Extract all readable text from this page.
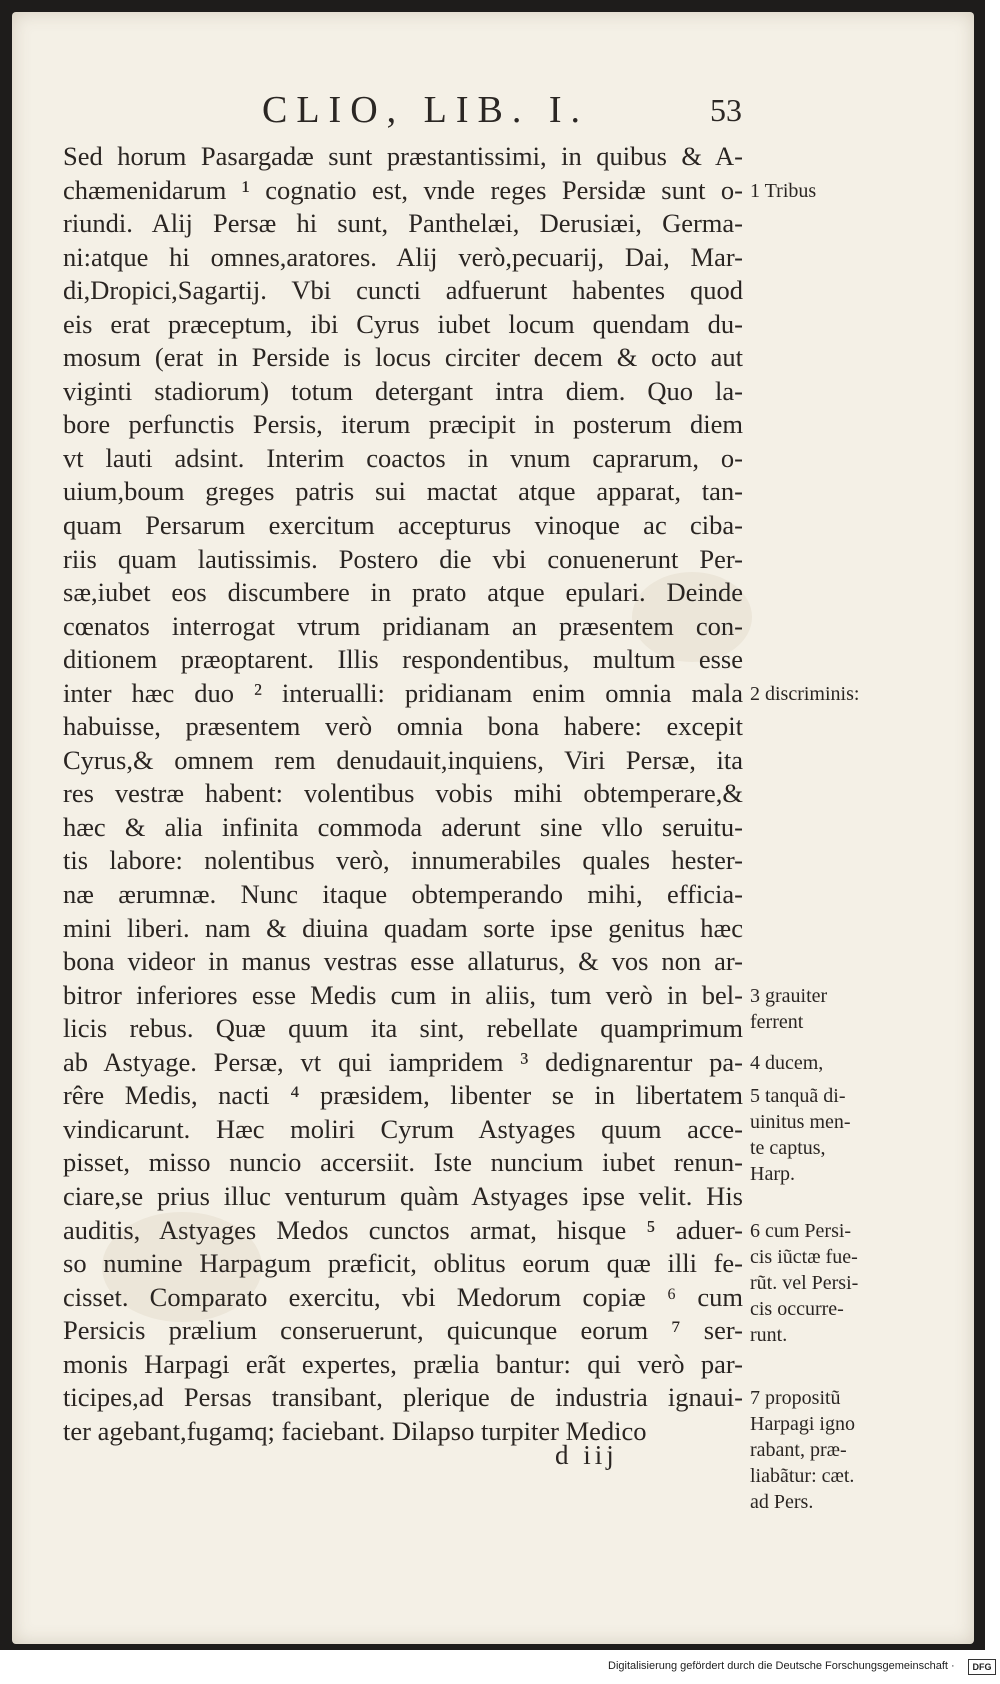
CLIO, LIB. I.	53
Sed horum Pasargadæ sunt præstantissimi, in quibus & A-
chæmenidarum ¹ cognatio est, vnde reges Persidæ sunt o-
riundi. Alij Persæ hi sunt, Panthelæi, Derusiæi, Germa-
ni:atque hi omnes,aratores. Alij verò,pecuarij, Dai, Mar-
di,Dropici,Sagartij. Vbi cuncti adfuerunt habentes quod
eis erat præceptum, ibi Cyrus iubet locum quendam du-
mosum (erat in Perside is locus circiter decem & octo aut
viginti stadiorum) totum detergant intra diem. Quo la-
bore perfunctis Persis, iterum præcipit in posterum diem
vt lauti adsint. Interim coactos in vnum caprarum, o-
uium,boum greges patris sui mactat atque apparat, tan-
quam Persarum exercitum accepturus vinoque ac ciba-
riis quam lautissimis. Postero die vbi conuenerunt Per-
sæ,iubet eos discumbere in prato atque epulari. Deinde
cœnatos interrogat vtrum pridianam an præsentem con-
ditionem præoptarent. Illis respondentibus, multum esse
inter hæc duo ² interualli: pridianam enim omnia mala
habuisse, præsentem verò omnia bona habere: excepit
Cyrus,& omnem rem denudauit,inquiens, Viri Persæ, ita
res vestræ habent: volentibus vobis mihi obtemperare,&
hæc & alia infinita commoda aderunt sine vllo seruitu-
tis labore: nolentibus verò, innumerabiles quales hester-
næ ærumnæ. Nunc itaque obtemperando mihi, efficia-
mini liberi. nam & diuina quadam sorte ipse genitus hæc
bona videor in manus vestras esse allaturus, & vos non ar-
bitror inferiores esse Medis cum in aliis, tum verò in bel-
licis rebus. Quæ quum ita sint, rebellate quamprimum
ab Astyage. Persæ, vt qui iampridem ³ dedignarentur pa-
rêre Medis, nacti ⁴ præsidem, libenter se in libertatem
vindicarunt. Hæc moliri Cyrum Astyages quum acce-
pisset, misso nuncio accersiit. Iste nuncium iubet renun-
ciare,se prius illuc venturum quàm Astyages ipse velit. His
auditis, Astyages Medos cunctos armat, hisque ⁵ aduer-
so numine Harpagum præficit, oblitus eorum quæ illi fe-
cisset. Comparato exercitu, vbi Medorum copiæ ⁶ cum
Persicis prælium conseruerunt, quicunque eorum ⁷ ser-
monis Harpagi erãt expertes, prælia bantur: qui verò par-
ticipes,ad Persas transibant, plerique de industria ignaui-
ter agebant,fugamq; faciebant. Dilapso turpiter Medico
1 Tribus
2 discriminis:
3 grauiter
ferrent
4 ducem,
5 tanquã di-
uinitus men-
te captus,
Harp.
6 cum Persi-
cis iũctæ fue-
rũt. vel Persi-
cis occurre-
runt.
7 propositũ
Harpagi igno
rabant, præ-
liabãtur: cæt.
ad Pers.
d iij
Digitalisierung gefördert durch die Deutsche Forschungsgemeinschaft ·	DFG
